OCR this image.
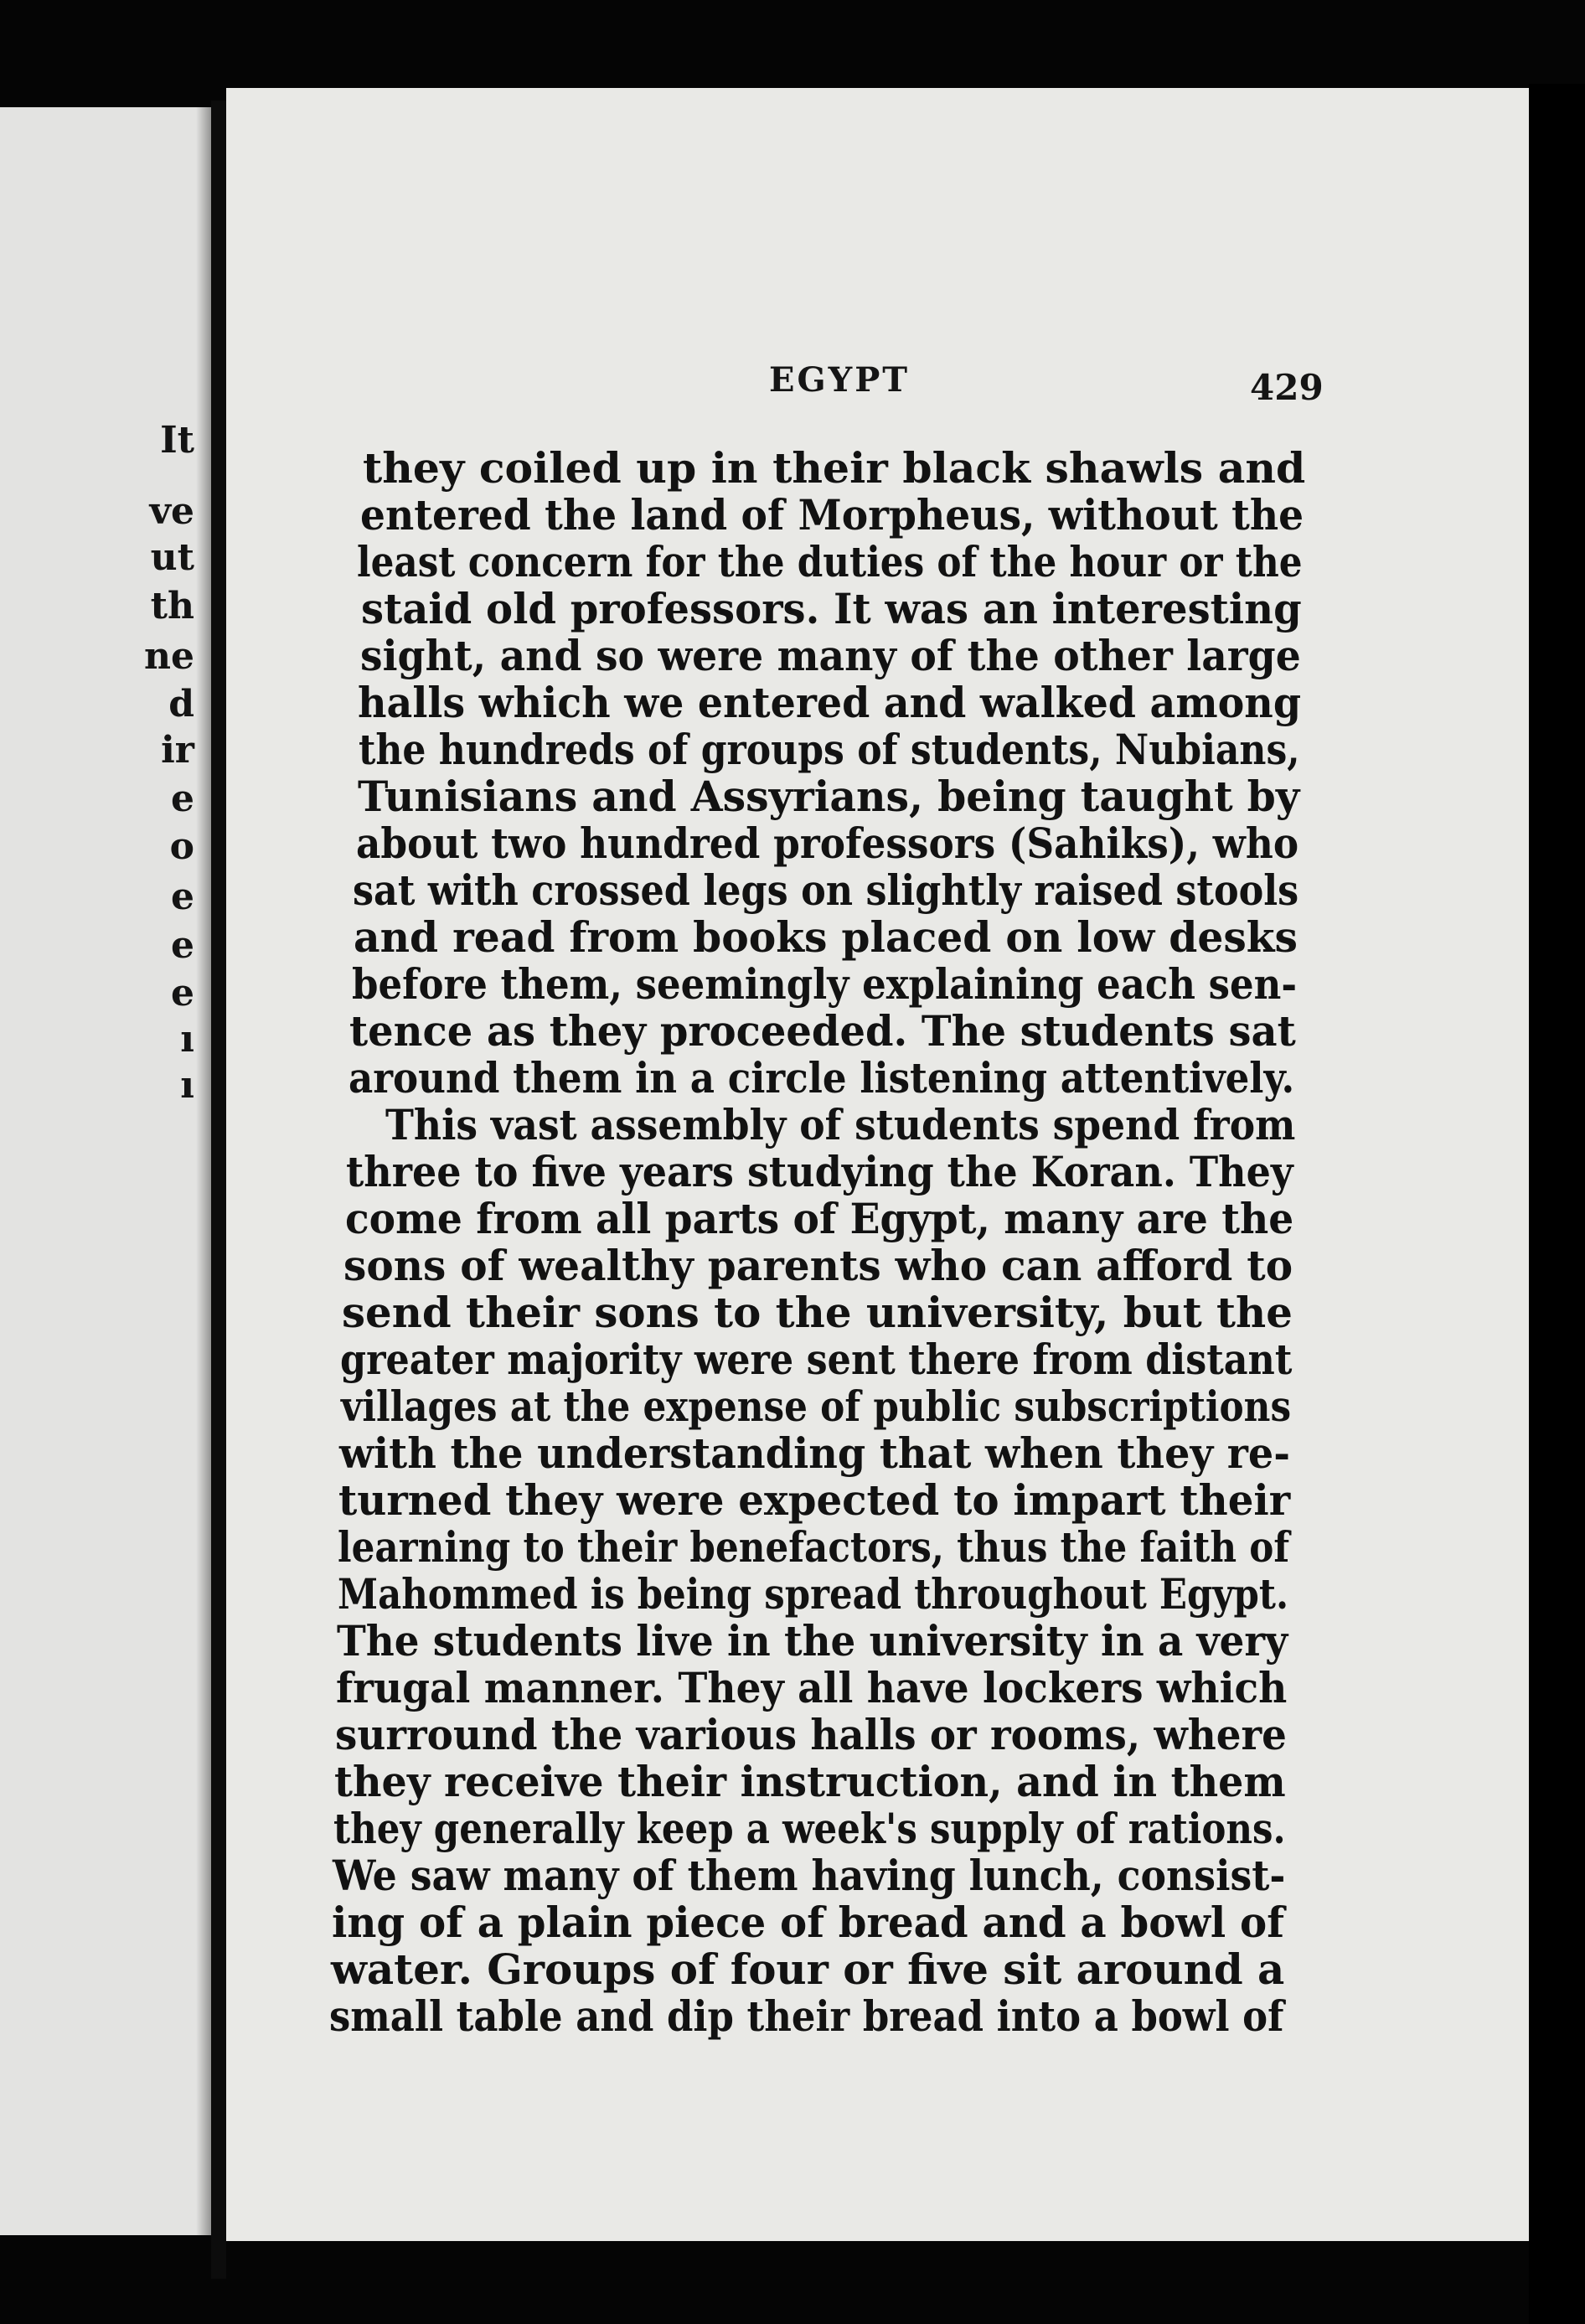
It
ve
ut
th
ne
d
ir
e
o
e
e
e
ı
ı
EGYPT	429
they coiled up in their black shawls and
entered the land of Morpheus, without the
least concern for the duties of the hour or the
staid old professors. It was an interesting
sight, and so were many of the other large
halls which we entered and walked among
the hundreds of groups of students, Nubians,
Tunisians and Assyrians, being taught by
about two hundred professors (Sahiks), who
sat with crossed legs on slightly raised stools
and read from books placed on low desks
before them, seemingly explaining each sen-
tence as they proceeded. The students sat
around them in a circle listening attentively.
This vast assembly of students spend from
three to five years studying the Koran. They
come from all parts of Egypt, many are the
sons of wealthy parents who can afford to
send their sons to the university, but the
greater majority were sent there from distant
villages at the expense of public subscriptions
with the understanding that when they re-
turned they were expected to impart their
learning to their benefactors, thus the faith of
Mahommed is being spread throughout Egypt.
The students live in the university in a very
frugal manner. They all have lockers which
surround the various halls or rooms, where
they receive their instruction, and in them
they generally keep a week's supply of rations.
We saw many of them having lunch, consist-
ing of a plain piece of bread and a bowl of
water. Groups of four or five sit around a
small table and dip their bread into a bowl of
